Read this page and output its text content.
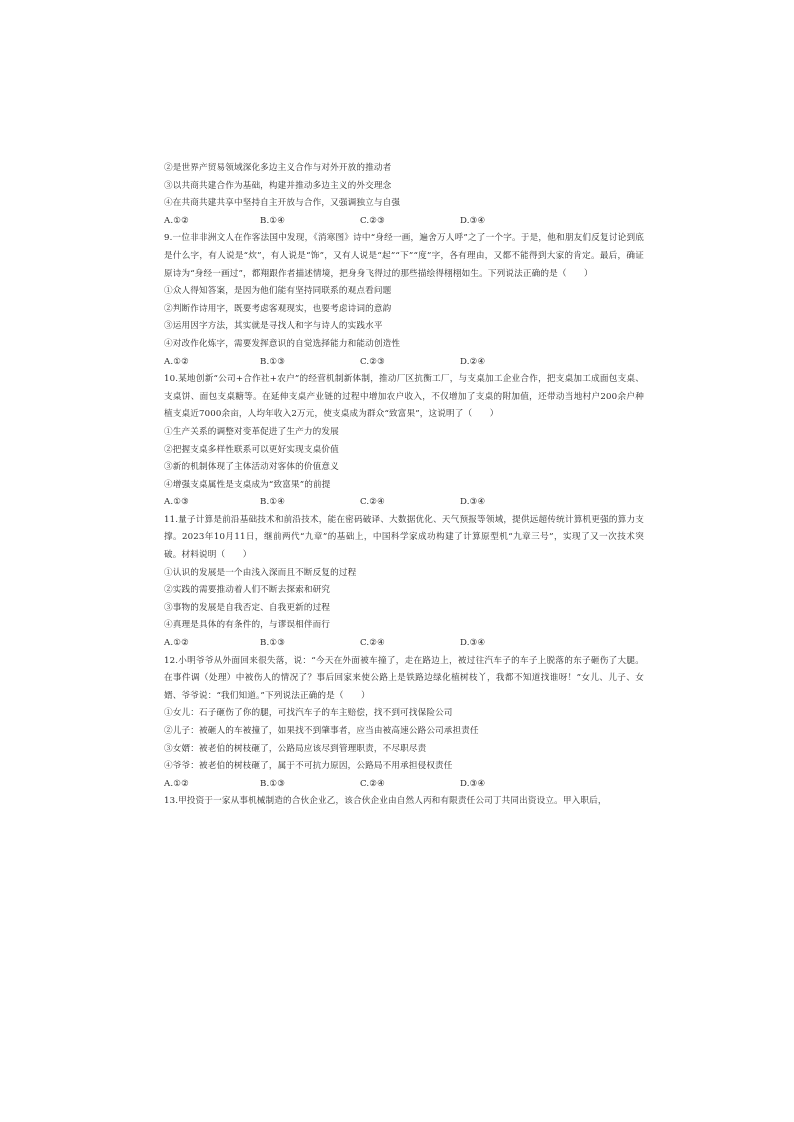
②是世界产贸易领域深化多边主义合作与对外开放的推动者
③以共商共建合作为基础，构建并推动多边主义的外交理念
④在共商共建共享中坚持自主开放与合作，又强调独立与自强
A.①②	B.①④	C.②③	D.③④
9.一位非非洲文人在作客法国中发现，《消寒图》诗中“身经一画，遍舍万人呼”之了一个字。于是，他和朋友们反复讨论到底是什么字，有人说是“炊”，有人说是“饰”，又有人说是“起”“下”“度”字，各有理由，又都不能得到大家的肯定。最后，确证原诗为“身经一画过”，都翔跟作者描述情境，把身身飞得过的那些描绘得栩栩如生。下列说法正确的是（　　）
①众人得知答案，是因为他们能有坚持同联系的观点看问题
②判断作诗用字，既要考虑客观现实，也要考虑诗词的意韵
③运用因字方法，其实就是寻找人和字与诗人的实践水平
④对改作化炼字，需要发挥意识的自觉选择能力和能动创造性
A.①②	B.①③	C.②③	D.②④
10.某地创新“公司+合作社+农户”的经营机制新体制，推动厂区抗衡工厂，与支桌加工企业合作，把支桌加工成面包支桌、支桌饼、面包支桌糖等。在延伸支桌产业链的过程中增加农户收入，不仅增加了支桌的附加值，还带动当地村户200余户种植支桌近7000余亩，人均年收入2万元，使支桌成为群众“致富果”，这说明了（　　）
①生产关系的调整对变革促进了生产力的发展
②把握支桌多样性联系可以更好实现支桌价值
③新的机制体现了主体活动对客体的价值意义
④增强支桌属性是支桌成为“致富果”的前提
A.①③	B.①④	C.②④	D.③④
11.量子计算是前沿基础技术和前沿技术，能在密码破译、大数据优化、天气预报等领域，提供远超传统计算机更强的算力支撑。2023年10月11日，继前两代“九章”的基础上，中国科学家成功构建了计算原型机“九章三号”，实现了又一次技术突破。材料说明（　　）
①认识的发展是一个由浅入深而且不断反复的过程
②实践的需要推动着人们不断去探索和研究
③事物的发展是自我否定、自我更新的过程
④真理是具体的有条件的，与谬误相伴而行
A.①②	B.①③	C.②④	D.③④
12.小明爷爷从外面回来很失落，说：“今天在外面被车撞了，走在路边上，被过往汽车子的车子上脱落的东子砸伤了大腿。在事件调（处理）中被伤人的情况了？事后回家来使公路上是铁路边绿化植树枝丫，我都不知道找谁呀！”女儿、儿子、女婿、爷爷说：“我们知道。”下列说法正确的是（　　）
①女儿：石子砸伤了你的腿，可找汽车子的车主赔偿，找不到可找保险公司
②儿子：被砸人的车被撞了，如果找不到肇事者，应当由被高速公路公司承担责任
③女婿：被老伯的树枝砸了，公路局应该尽到管理职责，不尽职尽责
④爷爷：被老伯的树枝砸了，属于不可抗力原因，公路局不用承担侵权责任
A.①②	B.①③	C.②④	D.③④
13.甲投资于一家从事机械制造的合伙企业乙，该合伙企业由自然人丙和有限责任公司丁共同出资设立。甲入职后，
